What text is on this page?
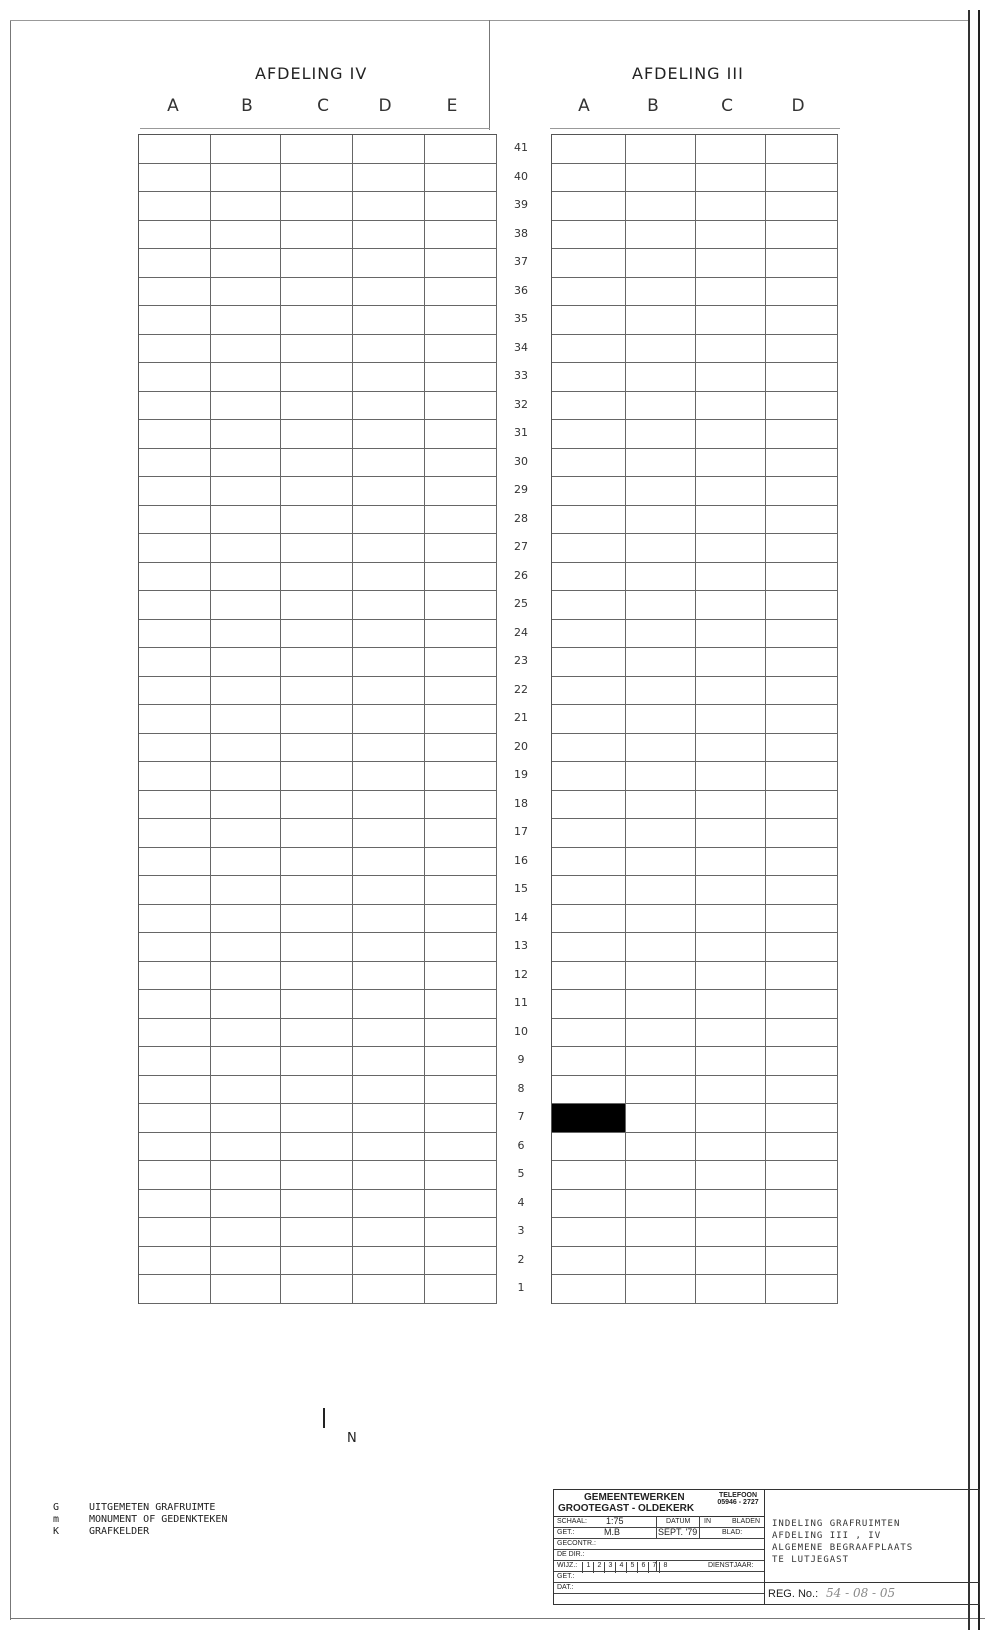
AFDELING IV	AFDELING III
A	B	C	D	E	A	B	C	D
41
40
39
38
37
36
35
34
33
32
31
30
29
28
27
26
25
24
23
22
21
20
19
18
17
16
15
14
13
12
11
10
9
8
7
6
5
4
3
2
1
N
G	UITGEMETEN GRAFRUIMTE
m	MONUMENT OF GEDENKTEKEN
K	GRAFKELDER
GEMEENTEWERKEN
GROOTEGAST - OLDEKERK
TELEFOON
05946 - 2727
SCHAAL: 1:75	DATUM IN	BLADEN
GET.:	M.B	SEPT. '79	BLAD:
GECONTR.:
DE DIR.:
WIJZ.:	1	2	3	4	5	6	7	8	DIENSTJAAR:
GET.:
DAT.:
INDELING GRAFRUIMTEN
AFDELING III , IV
ALGEMENE BEGRAAFPLAATS
TE LUTJEGAST
REG. No.: 54 - 08 - 05
